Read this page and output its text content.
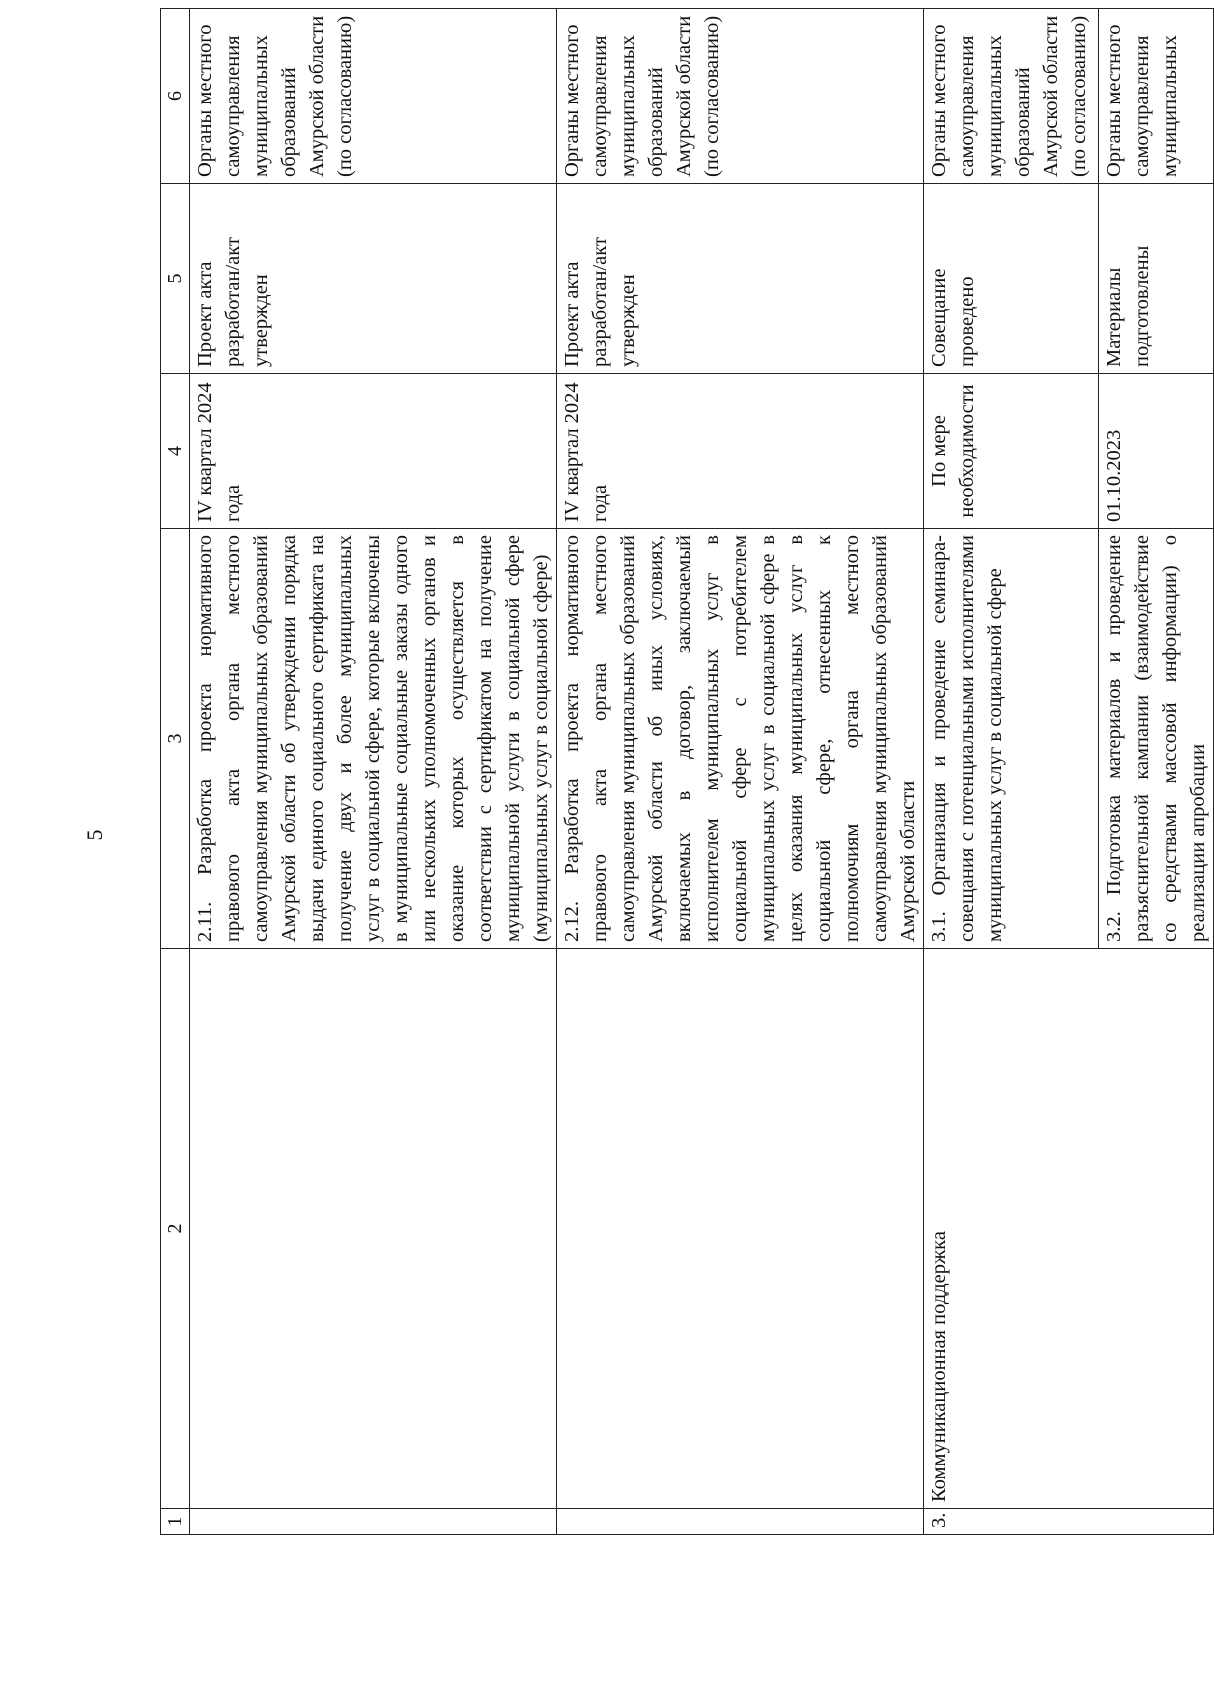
5
1	2	3	4	5	6
		2.11. Разработка проекта нормативного правового акта органа местного самоуправления муниципальных образований Амурской области об утверждении порядка выдачи единого социального сертификата на получение двух и более муниципальных услуг в социальной сфере, которые включены в муниципальные социальные заказы одного или нескольких уполномоченных органов и оказание которых осуществляется в соответствии с сертификатом на получение муниципальной услуги в социальной сфере (муниципальных услуг в социальной сфере)	IV квартал 2024 года	Проект акта разработан/акт утвержден	Органы местного самоуправления муниципальных образований Амурской области (по согласованию)
		2.12. Разработка проекта нормативного правового акта органа местного самоуправления муниципальных образований Амурской области об иных условиях, включаемых в договор, заключаемый исполнителем муниципальных услуг в социальной сфере с потребителем муниципальных услуг в социальной сфере в целях оказания муниципальных услуг в социальной сфере, отнесенных к полномочиям органа местного самоуправления муниципальных образований Амурской области	IV квартал 2024 года	Проект акта разработан/акт утвержден	Органы местного самоуправления муниципальных образований Амурской области (по согласованию)
3.	Коммуникационная поддержка	3.1. Организация и проведение семинара-совещания с потенциальными исполнителями муниципальных услуг в социальной сфере	По мере необходимости	Совещание проведено	Органы местного самоуправления муниципальных образований Амурской области (по согласованию)
		3.2. Подготовка материалов и проведение разъяснительной кампании (взаимодействие со средствами массовой информации) о реализации апробации	01.10.2023	Материалы подготовлены	Органы местного самоуправления муниципальных
